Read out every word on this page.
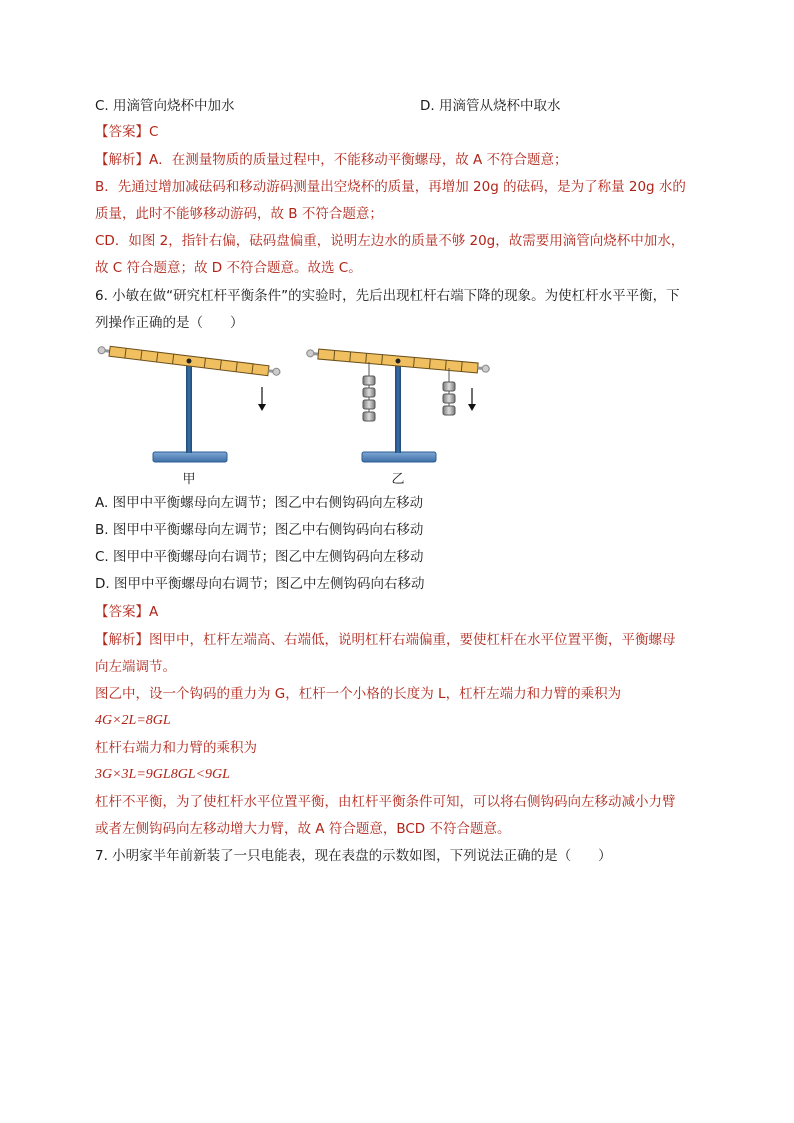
C. 用滴管向烧杯中加水	D. 用滴管从烧杯中取水
【答案】C
【解析】A．在测量物质的质量过程中，不能移动平衡螺母，故 A 不符合题意；
B．先通过增加减砝码和移动游码测量出空烧杯的质量，再增加 20g 的砝码，是为了称量 20g 水的
质量，此时不能够移动游码，故 B 不符合题意；
CD．如图 2，指针右偏，砝码盘偏重，说明左边水的质量不够 20g，故需要用滴管向烧杯中加水，
故 C 符合题意；故 D 不符合题意。故选 C。
6. 小敏在做“研究杠杆平衡条件”的实验时，先后出现杠杆右端下降的现象。为使杠杆水平平衡，下
列操作正确的是（　　）
甲	乙
A. 图甲中平衡螺母向左调节；图乙中右侧钩码向左移动
B. 图甲中平衡螺母向左调节；图乙中右侧钩码向右移动
C. 图甲中平衡螺母向右调节；图乙中左侧钩码向左移动
D. 图甲中平衡螺母向右调节；图乙中左侧钩码向右移动
【答案】A
【解析】图甲中，杠杆左端高、右端低，说明杠杆右端偏重，要使杠杆在水平位置平衡，平衡螺母
向左端调节。
图乙中，设一个钩码的重力为 G，杠杆一个小格的长度为 L，杠杆左端力和力臂的乘积为
4G×2L=8GL
杠杆右端力和力臂的乘积为
3G×3L=9GL8GL<9GL
杠杆不平衡，为了使杠杆水平位置平衡，由杠杆平衡条件可知，可以将右侧钩码向左移动减小力臂
或者左侧钩码向左移动增大力臂，故 A 符合题意，BCD 不符合题意。
7. 小明家半年前新装了一只电能表，现在表盘的示数如图，下列说法正确的是（　　）
